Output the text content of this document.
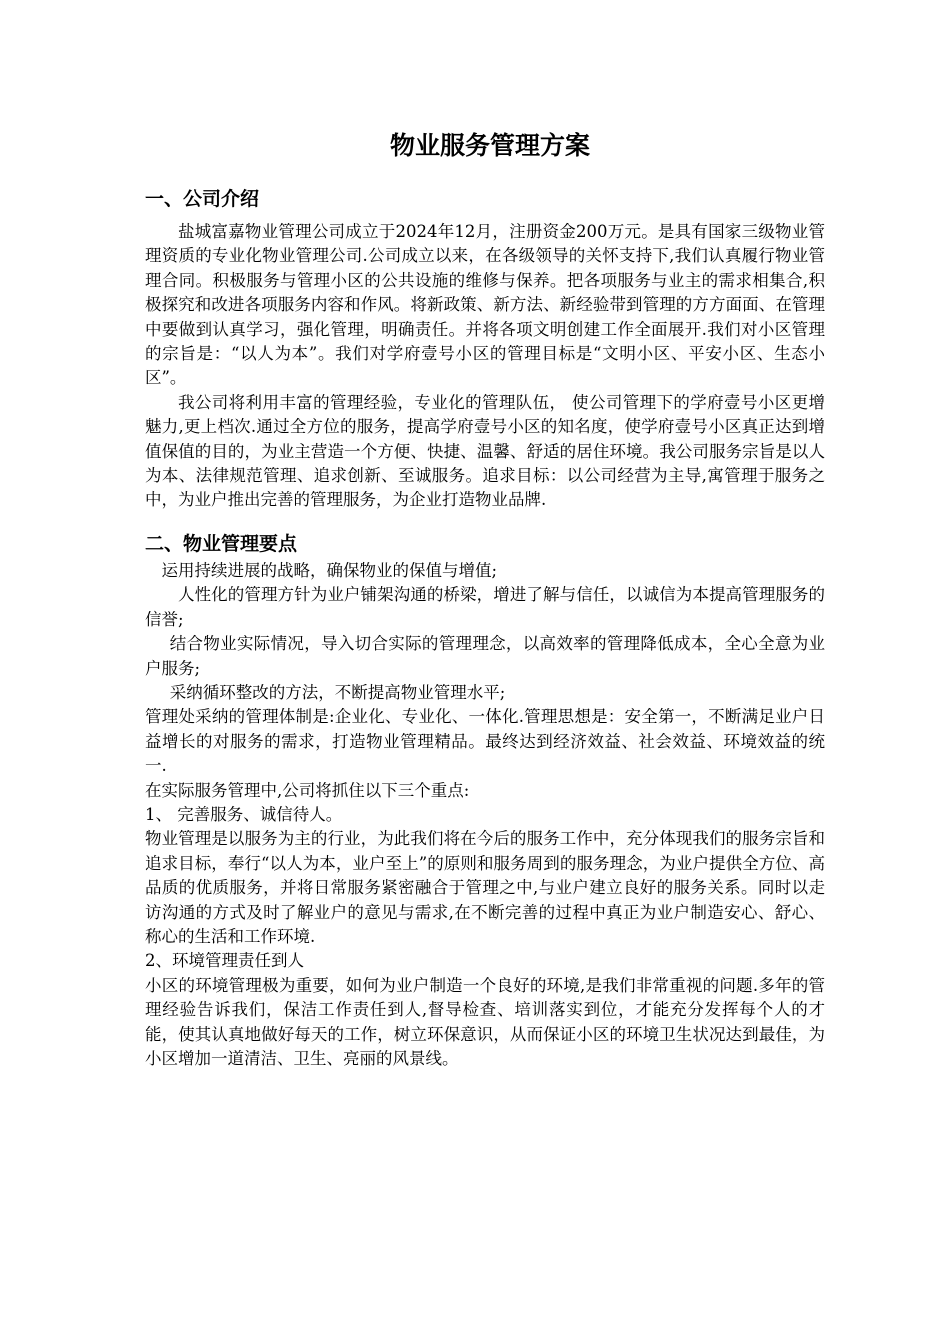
物业服务管理方案
一、公司介绍

盐城富嘉物业管理公司成立于2024年12月，注册资金200万元。是具有国家三级物业管理资质的专业化物业管理公司.公司成立以来，在各级领导的关怀支持下,我们认真履行物业管理合同。积极服务与管理小区的公共设施的维修与保养。把各项服务与业主的需求相集合,积极探究和改进各项服务内容和作风。将新政策、新方法、新经验带到管理的方方面面、在管理中要做到认真学习，强化管理，明确责任。并将各项文明创建工作全面展开.我们对小区管理的宗旨是：“以人为本”。我们对学府壹号小区的管理目标是“文明小区、平安小区、生态小区”。

我公司将利用丰富的管理经验，专业化的管理队伍， 使公司管理下的学府壹号小区更增魅力,更上档次.通过全方位的服务，提高学府壹号小区的知名度，使学府壹号小区真正达到增值保值的目的，为业主营造一个方便、快捷、温馨、舒适的居住环境。我公司服务宗旨是以人为本、法律规范管理、追求创新、至诚服务。追求目标：以公司经营为主导,寓管理于服务之中，为业户推出完善的管理服务，为企业打造物业品牌.

二、物业管理要点

运用持续进展的战略，确保物业的保值与增值;

人性化的管理方针为业户铺架沟通的桥梁，增进了解与信任，以诚信为本提高管理服务的信誉;

结合物业实际情况，导入切合实际的管理理念，以高效率的管理降低成本，全心全意为业户服务;

采纳循环整改的方法，不断提高物业管理水平;

管理处采纳的管理体制是:企业化、专业化、一体化.管理思想是：安全第一，不断满足业户日益增长的对服务的需求，打造物业管理精品。最终达到经济效益、社会效益、环境效益的统一.

在实际服务管理中,公司将抓住以下三个重点:

1、 完善服务、诚信待人。

物业管理是以服务为主的行业，为此我们将在今后的服务工作中，充分体现我们的服务宗旨和追求目标，奉行“以人为本，业户至上”的原则和服务周到的服务理念，为业户提供全方位、高品质的优质服务，并将日常服务紧密融合于管理之中,与业户建立良好的服务关系。同时以走访沟通的方式及时了解业户的意见与需求,在不断完善的过程中真正为业户制造安心、舒心、称心的生活和工作环境.

2、环境管理责任到人

小区的环境管理极为重要，如何为业户制造一个良好的环境,是我们非常重视的问题.多年的管理经验告诉我们，保洁工作责任到人,督导检查、培训落实到位，才能充分发挥每个人的才能，使其认真地做好每天的工作，树立环保意识，从而保证小区的环境卫生状况达到最佳，为小区增加一道清洁、卫生、亮丽的风景线。
